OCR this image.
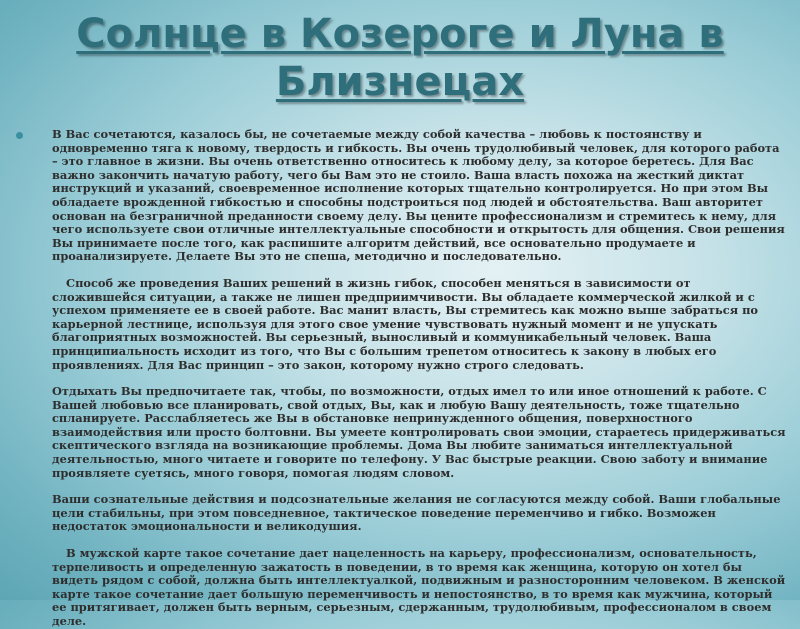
Солнце в Козероге и Луна в
Близнецах

В Вас сочетаются, казалось бы, не сочетаемые между собой качества – любовь к постоянству и одновременно тяга к новому, твердость и гибкость. Вы очень трудолюбивый человек, для которого работа – это главное в жизни. Вы очень ответственно относитесь к любому делу, за которое беретесь. Для Вас важно закончить начатую работу, чего бы Вам это не стоило. Ваша власть похожа на жесткий диктат инструкций и указаний, своевременное исполнение которых тщательно контролируется. Но при этом Вы обладаете врожденной гибкостью и способны подстроиться под людей и обстоятельства. Ваш авторитет основан на безграничной преданности своему делу. Вы цените профессионализм и стремитесь к нему, для чего используете свои отличные интеллектуальные способности и открытость для общения. Свои решения Вы принимаете после того, как распишите алгоритм действий, все основательно продумаете и проанализируете. Делаете Вы это не спеша, методично и последовательно.

Способ же проведения Ваших решений в жизнь гибок, способен меняться в зависимости от сложившейся ситуации, а также не лишен предприимчивости. Вы обладаете коммерческой жилкой и с успехом применяете ее в своей работе. Вас манит власть, Вы стремитесь как можно выше забраться по карьерной лестнице, используя для этого свое умение чувствовать нужный момент и не упускать благоприятных возможностей. Вы серьезный, выносливый и коммуникабельный человек. Ваша принципиальность исходит из того, что Вы с большим трепетом относитесь к закону в любых его проявлениях. Для Вас принцип – это закон, которому нужно строго следовать.

Отдыхать Вы предпочитаете так, чтобы, по возможности, отдых имел то или иное отношений к работе. С Вашей любовью все планировать, свой отдых, Вы, как и любую Вашу деятельность, тоже тщательно спланируете. Расслабляетесь же Вы в обстановке непринужденного общения, поверхностного взаимодействия или просто болтовни. Вы умеете контролировать свои эмоции, стараетесь придерживаться скептического взгляда на возникающие проблемы. Дома Вы любите заниматься интеллектуальной деятельностью, много читаете и говорите по телефону. У Вас быстрые реакции. Свою заботу и внимание проявляете суетясь, много говоря, помогая людям словом.

Ваши сознательные действия и подсознательные желания не согласуются между собой. Ваши глобальные цели стабильны, при этом повседневное, тактическое поведение переменчиво и гибко. Возможен недостаток эмоциональности и великодушия.

В мужской карте такое сочетание дает нацеленность на карьеру, профессионализм, основательность, терпеливость и определенную зажатость в поведении, в то время как женщина, которую он хотел бы видеть рядом с собой, должна быть интеллектуалкой, подвижным и разносторонним человеком. В женской карте такое сочетание дает большую переменчивость и непостоянство, в то время как мужчина, который ее притягивает, должен быть верным, серьезным, сдержанным, трудолюбивым, профессионалом в своем деле.
